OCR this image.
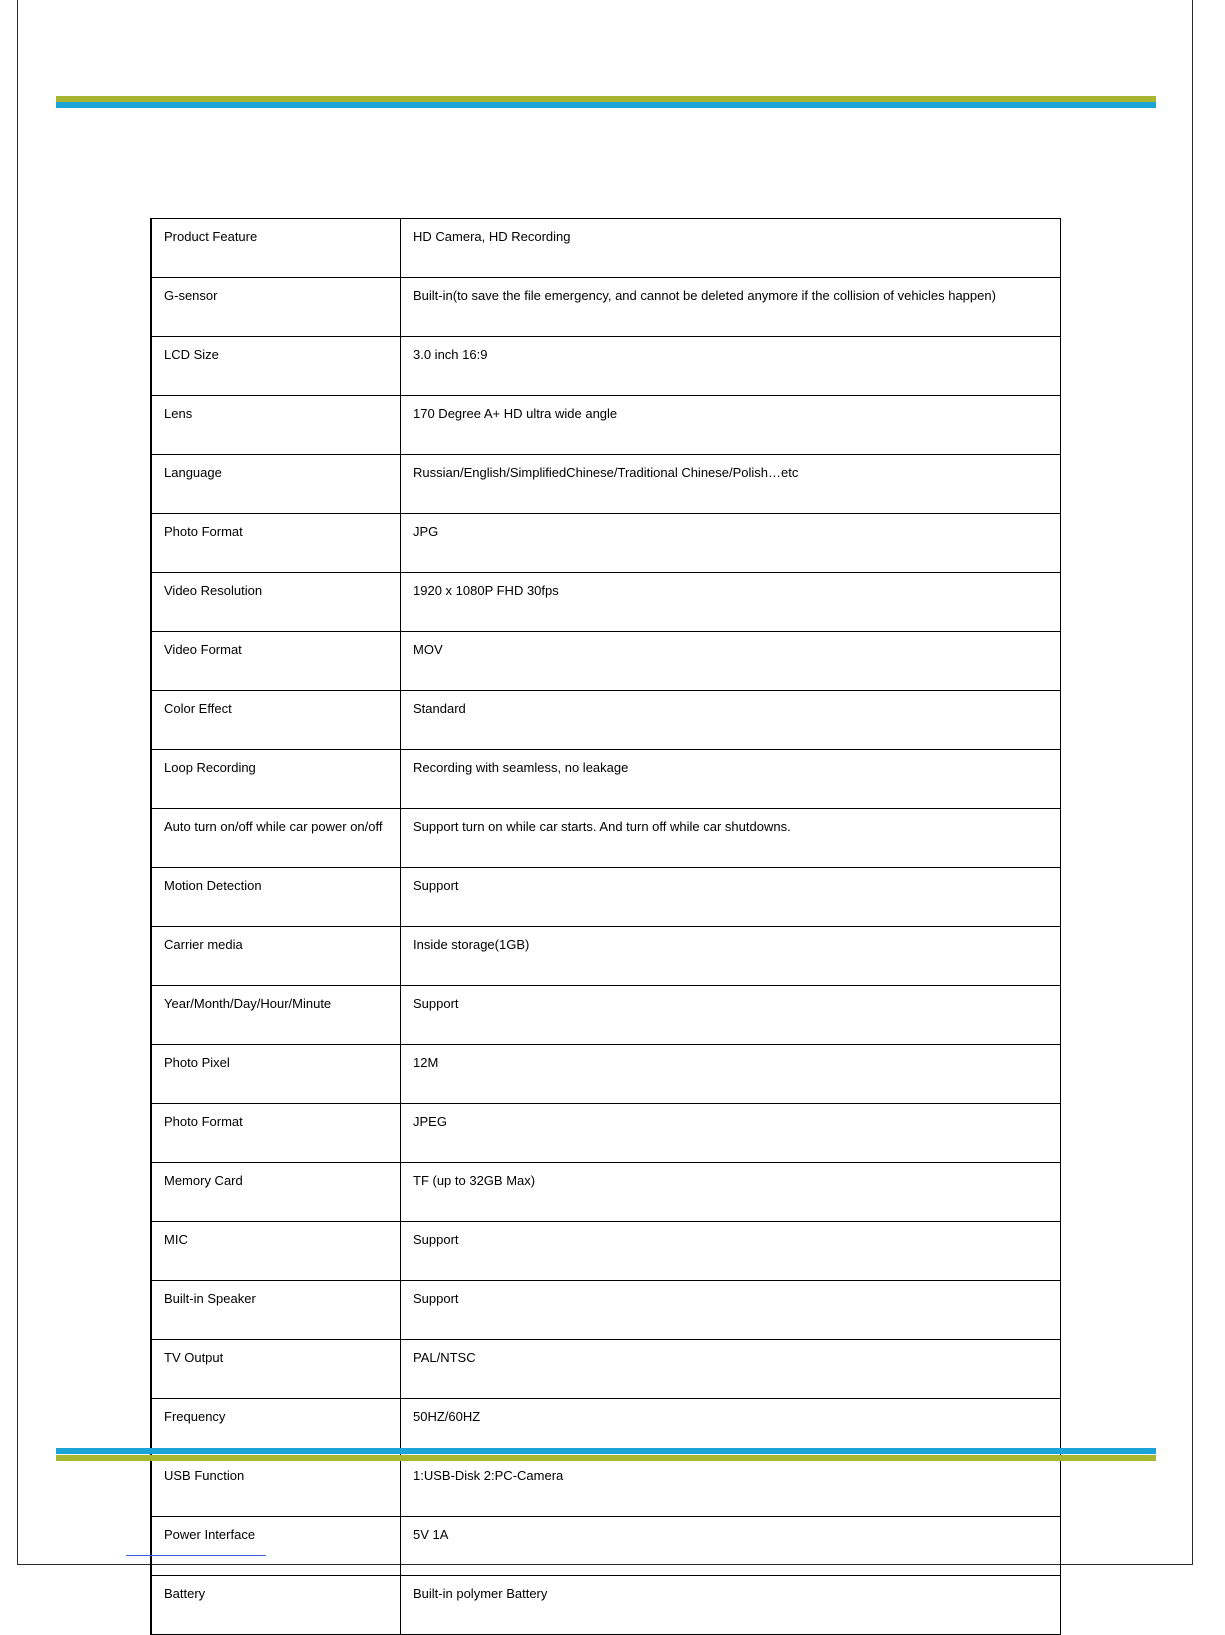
Product Feature	HD Camera, HD Recording
G-sensor	Built-in(to save the file emergency, and cannot be deleted anymore if the collision of vehicles happen)
LCD Size	3.0 inch 16:9
Lens	170 Degree A+ HD ultra wide angle
Language	Russian/English/SimplifiedChinese/Traditional Chinese/Polish…etc
Photo Format	JPG
Video Resolution	1920 x 1080P FHD 30fps
Video Format	MOV
Color Effect	Standard
Loop Recording	Recording with seamless, no leakage
Auto turn on/off while car power on/off	Support turn on while car starts. And turn off while car shutdowns.
Motion Detection	Support
Carrier media	Inside storage(1GB)
Year/Month/Day/Hour/Minute	Support
Photo Pixel	12M
Photo Format	JPEG
Memory Card	TF (up to 32GB Max)
MIC	Support
Built-in Speaker	Support
TV Output	PAL/NTSC
Frequency	50HZ/60HZ
USB Function	1:USB-Disk 2:PC-Camera
Power Interface	5V 1A
Battery	Built-in polymer Battery
